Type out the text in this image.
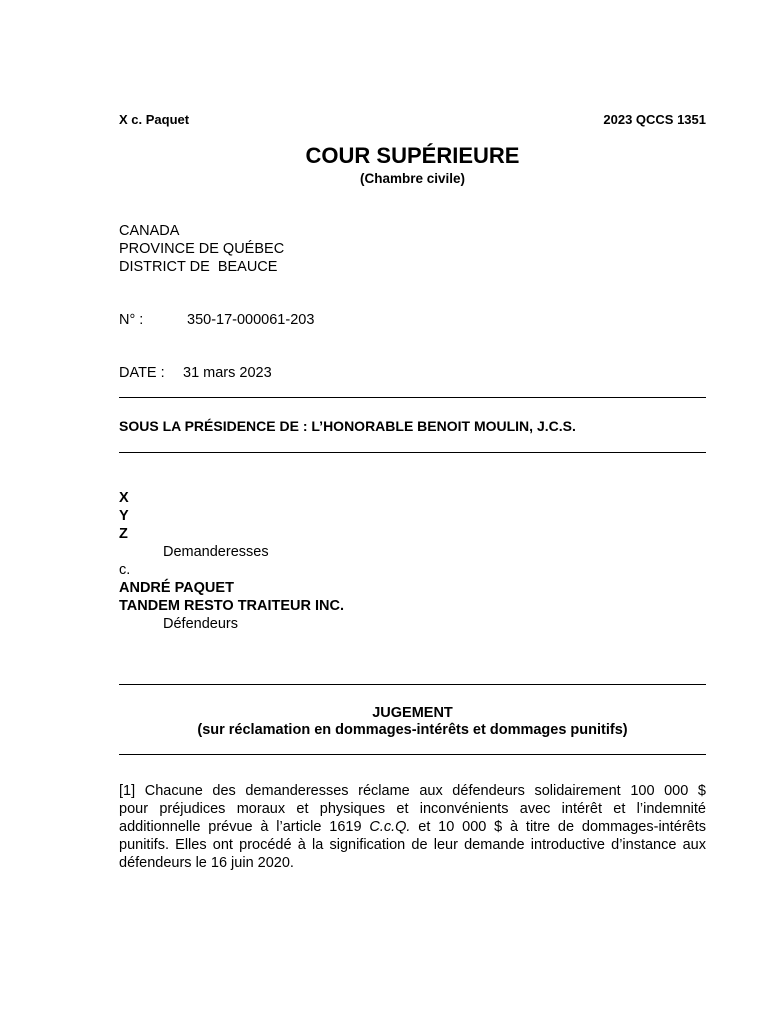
X c. Paquet	2023 QCCS 1351
COUR SUPÉRIEURE
(Chambre civile)
CANADA
PROVINCE DE QUÉBEC
DISTRICT DE  BEAUCE
N° :	350-17-000061-203
DATE : 31 mars 2023
SOUS LA PRÉSIDENCE DE : L’HONORABLE BENOIT MOULIN, J.C.S.
X
Y
Z
Demanderesses
c.
ANDRÉ PAQUET
TANDEM RESTO TRAITEUR INC.
Défendeurs
JUGEMENT
(sur réclamation en dommages-intérêts et dommages punitifs)
[1] Chacune des demanderesses réclame aux défendeurs solidairement 100 000 $
pour préjudices moraux et physiques et inconvénients avec intérêt et l’indemnité
additionnelle prévue à l’article 1619 C.c.Q. et 10 000 $ à titre de dommages-intérêts
punitifs. Elles ont procédé à la signification de leur demande introductive d’instance aux
défendeurs le 16 juin 2020.
